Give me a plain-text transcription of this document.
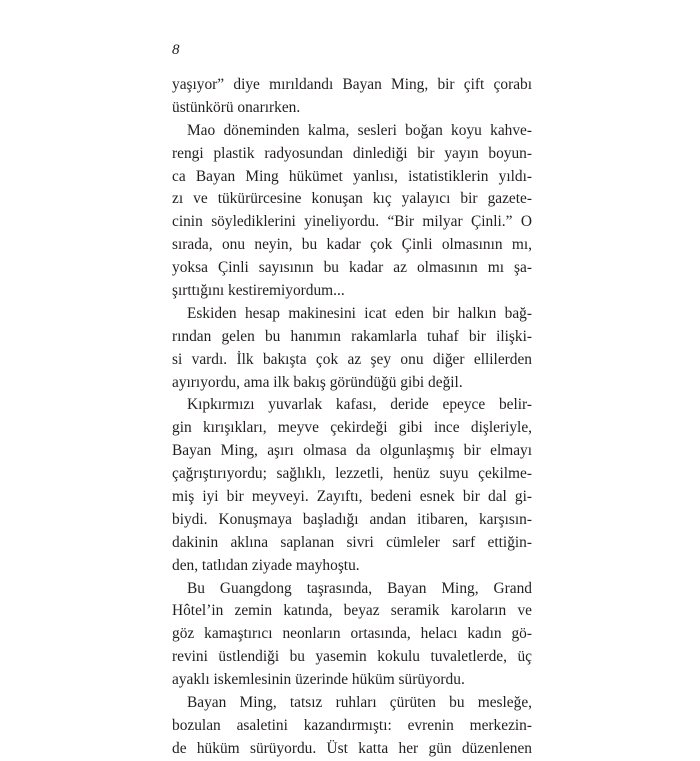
8
yaşıyor” diye mırıldandı Bayan Ming, bir çift çorabı
üstünkörü onarırken.
Mao döneminden kalma, sesleri boğan koyu kahve-
rengi plastik radyosundan dinlediği bir yayın boyun-
ca Bayan Ming hükümet yanlısı, istatistiklerin yıldı-
zı ve tükürürcesine konuşan kıç yalayıcı bir gazete-
cinin söylediklerini yineliyordu. “Bir milyar Çinli.” O
sırada, onu neyin, bu kadar çok Çinli olmasının mı,
yoksa Çinli sayısının bu kadar az olmasının mı şa-
şırttığını kestiremiyordum...
Eskiden hesap makinesini icat eden bir halkın bağ-
rından gelen bu hanımın rakamlarla tuhaf bir ilişki-
si vardı. İlk bakışta çok az şey onu diğer ellilerden
ayırıyordu, ama ilk bakış göründüğü gibi değil.
Kıpkırmızı yuvarlak kafası, deride epeyce belir-
gin kırışıkları, meyve çekirdeği gibi ince dişleriyle,
Bayan Ming, aşırı olmasa da olgunlaşmış bir elmayı
çağrıştırıyordu; sağlıklı, lezzetli, henüz suyu çekilme-
miş iyi bir meyveyi. Zayıftı, bedeni esnek bir dal gi-
biydi. Konuşmaya başladığı andan itibaren, karşısın-
dakinin aklına saplanan sivri cümleler sarf ettiğin-
den, tatlıdan ziyade mayhoştu.
Bu Guangdong taşrasında, Bayan Ming, Grand
Hôtel’in zemin katında, beyaz seramik karoların ve
göz kamaştırıcı neonların ortasında, helacı kadın gö-
revini üstlendiği bu yasemin kokulu tuvaletlerde, üç
ayaklı iskemlesinin üzerinde hüküm sürüyordu.
Bayan Ming, tatsız ruhları çürüten bu mesleğe,
bozulan asaletini kazandırmıştı: evrenin merkezin-
de hüküm sürüyordu. Üst katta her gün düzenlenen
